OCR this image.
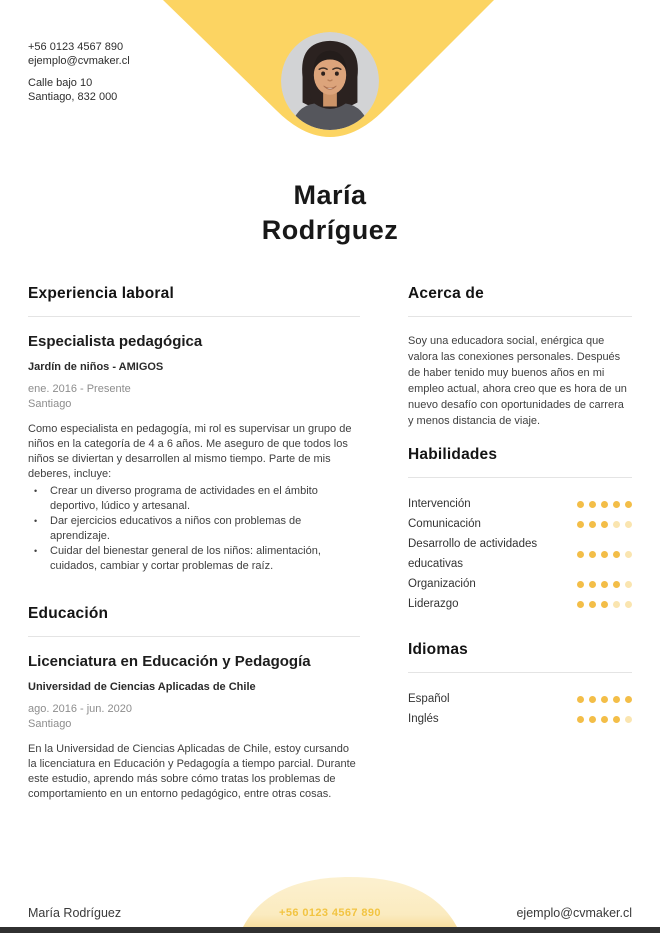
+56 0123 4567 890
ejemplo@cvmaker.cl
Calle bajo 10
Santiago, 832 000
María
Rodríguez
Experiencia laboral
Especialista pedagógica
Jardín de niños - AMIGOS
ene. 2016 - Presente
Santiago

Como especialista en pedagogía, mi rol es supervisar un grupo de niños en la categoría de 4 a 6 años. Me aseguro de que todos los niños se diviertan y desarrollen al mismo tiempo. Parte de mis deberes, incluye:

• Crear un diverso programa de actividades en el ámbito deportivo, lúdico y artesanal.
• Dar ejercicios educativos a niños con problemas de aprendizaje.
• Cuidar del bienestar general de los niños: alimentación, cuidados, cambiar y cortar problemas de raíz.
Educación
Licenciatura en Educación y Pedagogía
Universidad de Ciencias Aplicadas de Chile
ago. 2016 - jun. 2020
Santiago

En la Universidad de Ciencias Aplicadas de Chile, estoy cursando la licenciatura en Educación y Pedagogía a tiempo parcial. Durante este estudio, aprendo más sobre cómo tratas los problemas de comportamiento en un entorno pedagógico, entre otras cosas.

Acerca de

Soy una educadora social, enérgica que valora las conexiones personales. Después de haber tenido muy buenos años en mi empleo actual, ahora creo que es hora de un nuevo desafío con oportunidades de carrera y menos distancia de viaje.

Habilidades
Intervención
Comunicación
Desarrollo de actividades educativas
Organización
Liderazgo
Idiomas
Español
Inglés
María Rodríguez	+56 0123 4567 890	ejemplo@cvmaker.cl
